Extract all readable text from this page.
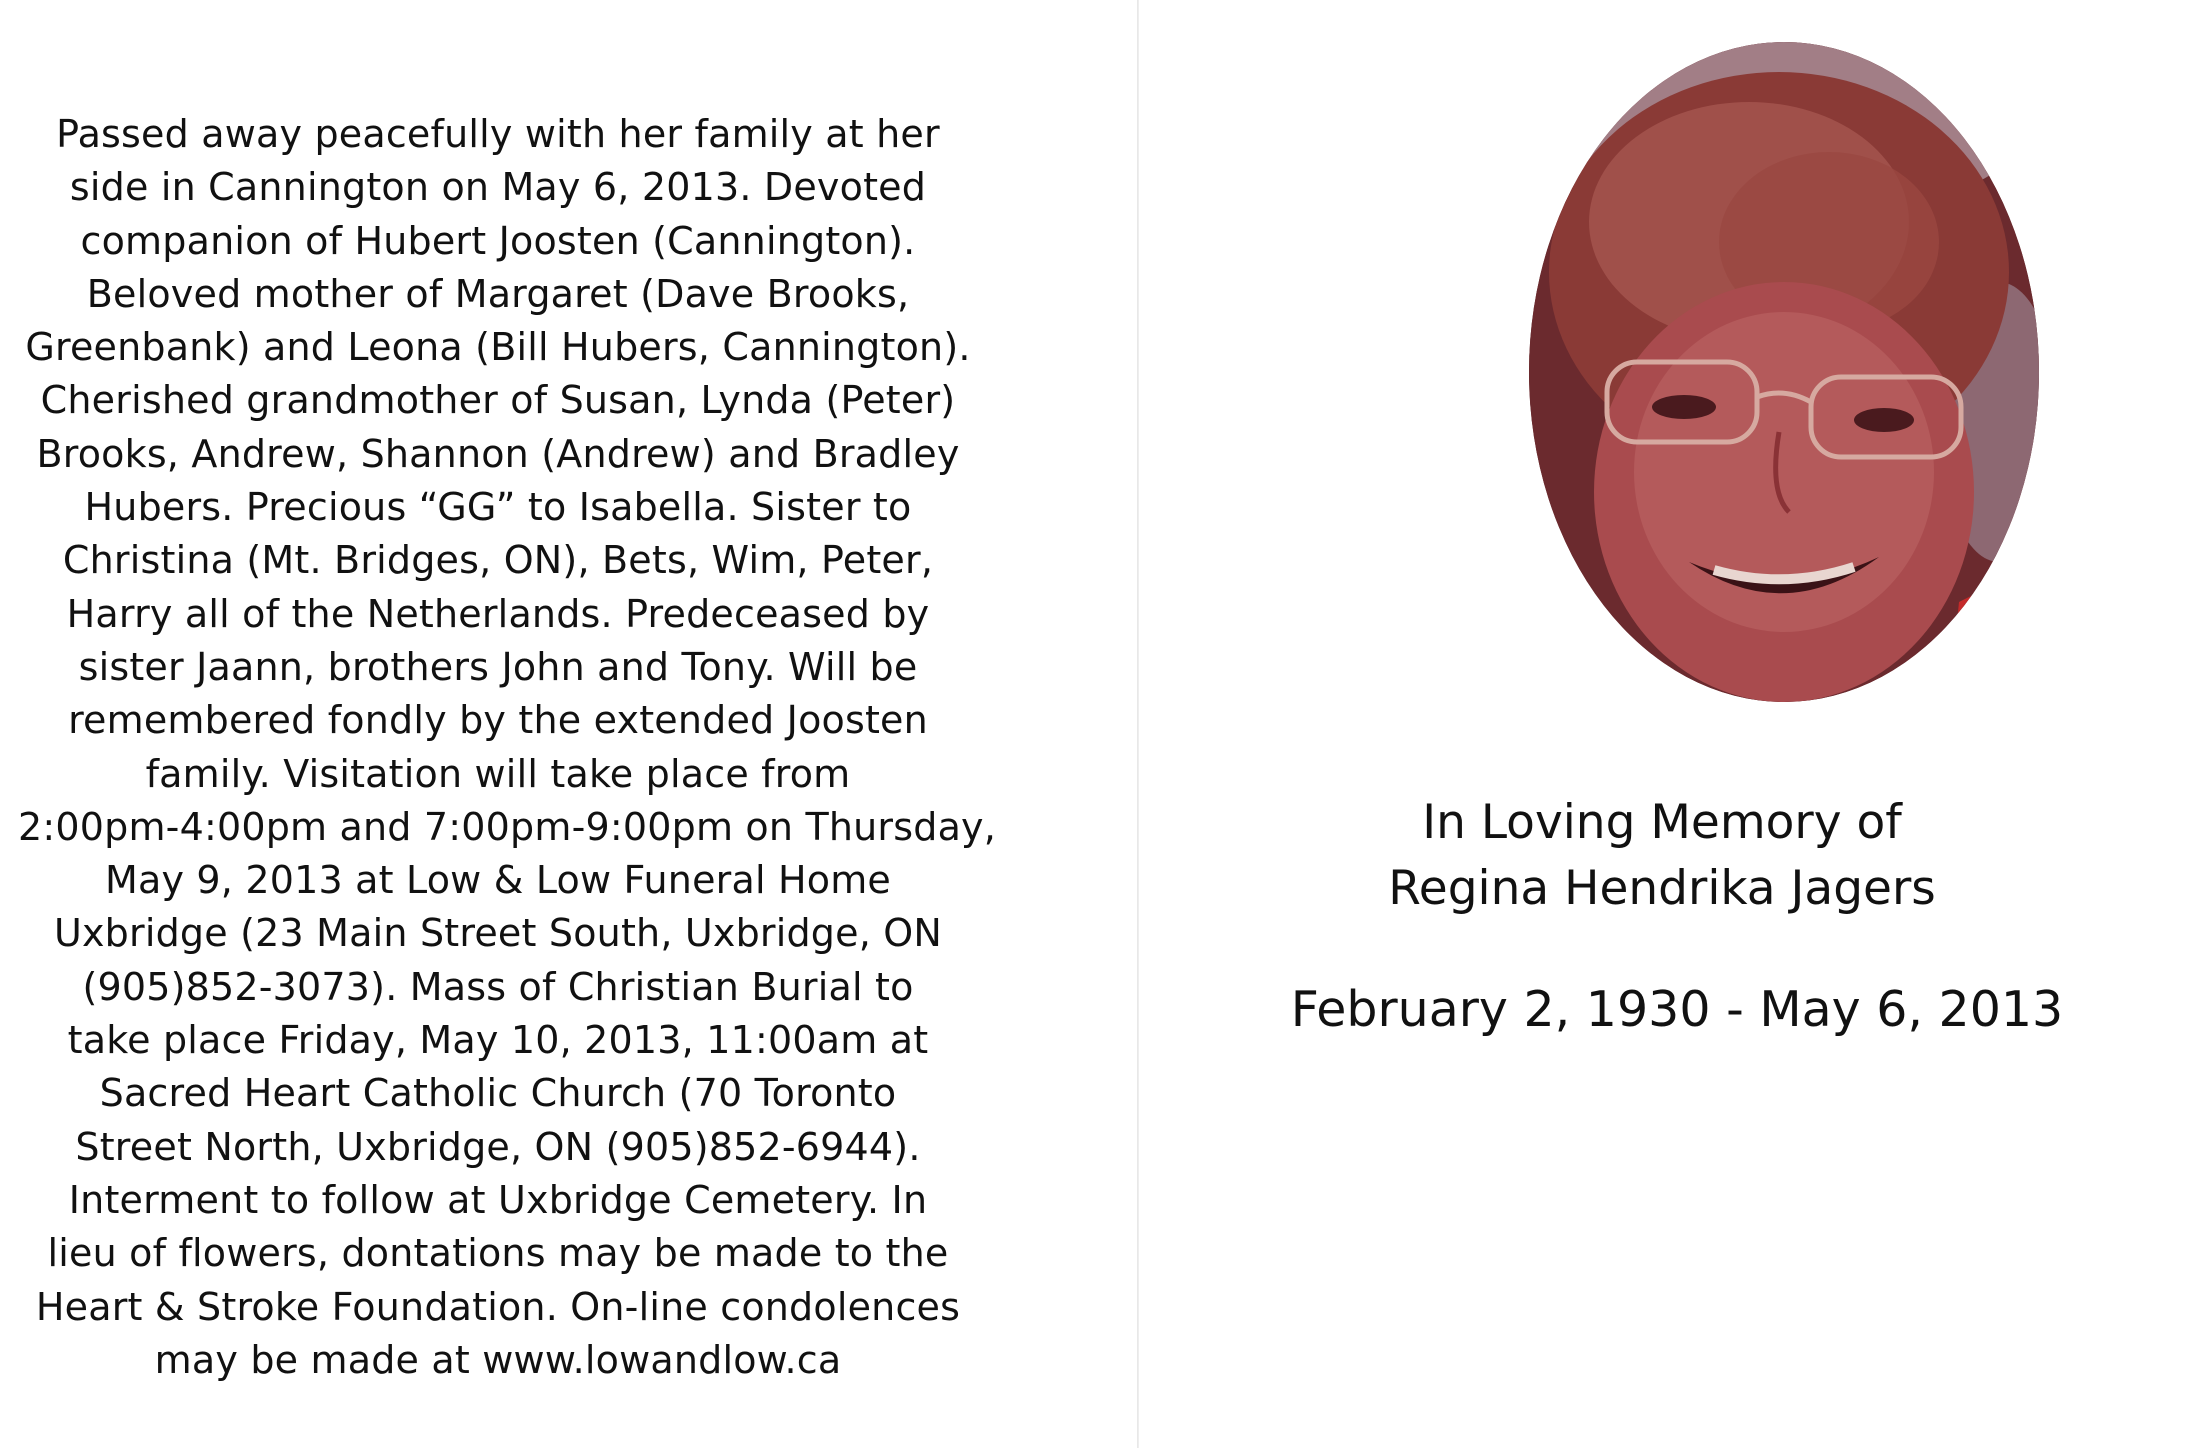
Passed away peacefully with her family at her
side in Cannington on May 6, 2013. Devoted
companion of Hubert Joosten (Cannington).
Beloved mother of Margaret (Dave Brooks,
Greenbank) and Leona (Bill Hubers, Cannington).
Cherished grandmother of Susan, Lynda (Peter)
Brooks, Andrew, Shannon (Andrew) and Bradley
Hubers. Precious “GG” to Isabella. Sister to
Christina (Mt. Bridges, ON), Bets, Wim, Peter,
Harry all of the Netherlands. Predeceased by
sister Jaann, brothers John and Tony. Will be
remembered fondly by the extended Joosten
family. Visitation will take place from
2:00pm-4:00pm and 7:00pm-9:00pm on Thursday,
May 9, 2013 at Low & Low Funeral Home
Uxbridge (23 Main Street South, Uxbridge, ON
(905)852-3073). Mass of Christian Burial to
take place Friday, May 10, 2013, 11:00am at
Sacred Heart Catholic Church (70 Toronto
Street North, Uxbridge, ON (905)852-6944).
Interment to follow at Uxbridge Cemetery. In
lieu of flowers, dontations may be made to the
Heart & Stroke Foundation. On-line condolences
may be made at www.lowandlow.ca
In Loving Memory of
Regina Hendrika Jagers
February 2, 1930 - May 6, 2013
